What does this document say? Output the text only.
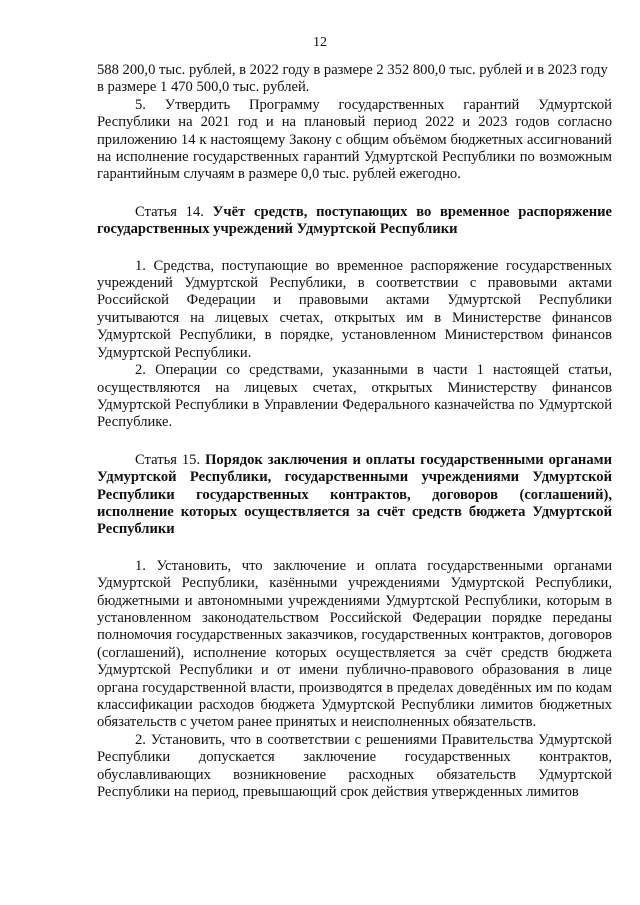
12

588 200,0 тыс. рублей, в 2022 году в размере 2 352 800,0 тыс. рублей и в 2023 году в размере 1 470 500,0 тыс. рублей.

5. Утвердить Программу государственных гарантий Удмуртской Республики на 2021 год и на плановый период 2022 и 2023 годов согласно приложению 14 к настоящему Закону с общим объёмом бюджетных ассигнований на исполнение государственных гарантий Удмуртской Республики по возможным гарантийным случаям в размере 0,0 тыс. рублей ежегодно.

Статья 14. Учёт средств, поступающих во временное распоряжение государственных учреждений Удмуртской Республики

1. Средства, поступающие во временное распоряжение государственных учреждений Удмуртской Республики, в соответствии с правовыми актами Российской Федерации и правовыми актами Удмуртской Республики учитываются на лицевых счетах, открытых им в Министерстве финансов Удмуртской Республики, в порядке, установленном Министерством финансов Удмуртской Республики.

2. Операции со средствами, указанными в части 1 настоящей статьи, осуществляются на лицевых счетах, открытых Министерству финансов Удмуртской Республики в Управлении Федерального казначейства по Удмуртской Республике.

Статья 15. Порядок заключения и оплаты государственными органами Удмуртской Республики, государственными учреждениями Удмуртской Республики государственных контрактов, договоров (соглашений), исполнение которых осуществляется за счёт средств бюджета Удмуртской Республики

1. Установить, что заключение и оплата государственными органами Удмуртской Республики, казёнными учреждениями Удмуртской Республики, бюджетными и автономными учреждениями Удмуртской Республики, которым в установленном законодательством Российской Федерации порядке переданы полномочия государственных заказчиков, государственных контрактов, договоров (соглашений), исполнение которых осуществляется за счёт средств бюджета Удмуртской Республики и от имени публично-правового образования в лице органа государственной власти, производятся в пределах доведённых им по кодам классификации расходов бюджета Удмуртской Республики лимитов бюджетных обязательств с учетом ранее принятых и неисполненных обязательств.

2. Установить, что в соответствии с решениями Правительства Удмуртской Республики допускается заключение государственных контрактов, обуславливающих возникновение расходных обязательств Удмуртской Республики на период, превышающий срок действия утвержденных лимитов
